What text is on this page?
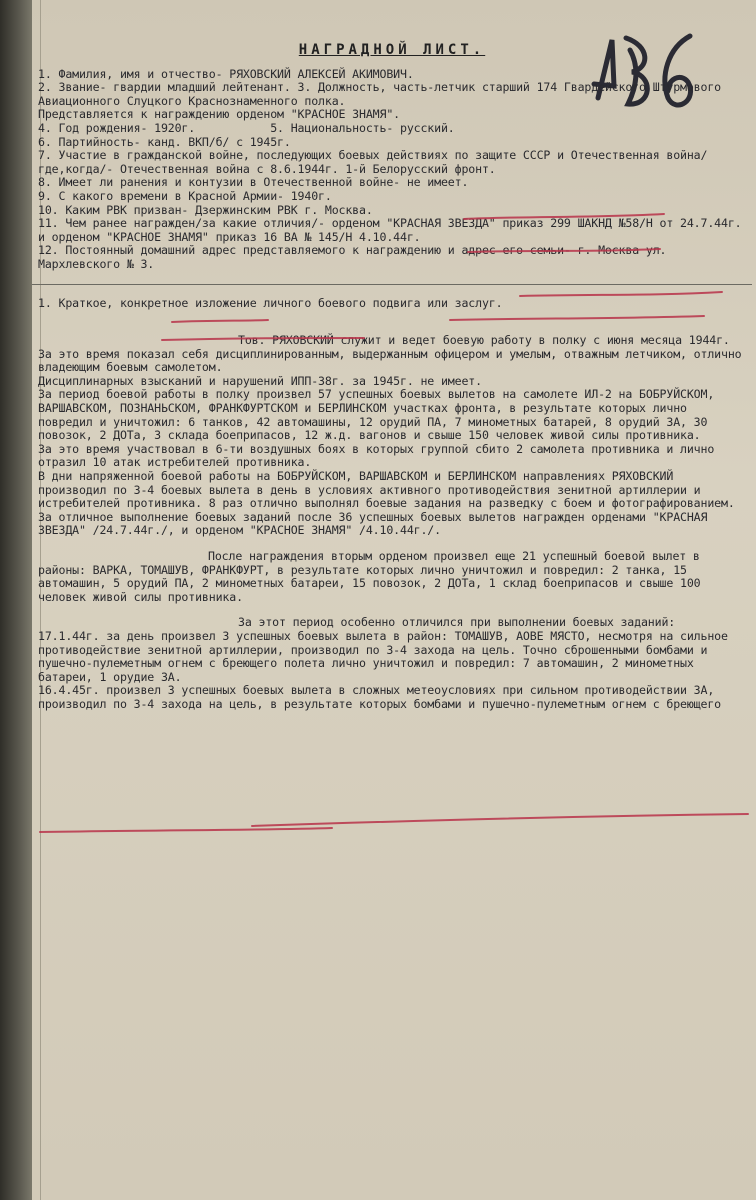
НАГРАДНОЙ ЛИСТ.

1. Фамилия, имя и отчество- РЯХОВСКИЙ АЛЕКСЕЙ АКИМОВИЧ.

2. Звание- гвардии младший лейтенант. 3. Должность, часть-летчик старший 174 Гвардейского Штурмового Авиационного Слуцкого Краснознаменного полка.

Представляется к награждению орденом "КРАСНОЕ ЗНАМЯ".

4. Год рождения- 1920г.           5. Национальность- русский.

6. Партийность- канд. ВКП/б/ с 1945г.

7. Участие в гражданской войне, последующих боевых действиях по защите СССР и Отечественная война/где,когда/- Отечественная война с 8.6.1944г. 1-й Белорусский фронт.

8. Имеет ли ранения и контузии в Отечественной войне- не имеет.

9. С какого времени в Красной Армии- 1940г.

10. Каким РВК призван- Дзержинским РВК г. Москва.

11. Чем ранее награжден/за какие отличия/- орденом "КРАСНАЯ ЗВЕЗДА" приказ 299 ШАКНД №58/Н от 24.7.44г. и орденом "КРАСНОЕ ЗНАМЯ" приказ 16 ВА № 145/Н 4.10.44г.

12. Постоянный домашний адрес представляемого к награждению и адрес его семьи- г. Москва ул. Мархлевского № 3.

1. Краткое, конкретное изложение личного боевого подвига или заслуг.

Тов. РЯХОВСКИЙ служит и ведет боевую работу в полку с июня месяца 1944г. За это время показал себя дисциплинированным, выдержанным офицером и умелым, отважным летчиком, отлично владеющим боевым самолетом.

Дисциплинарных взысканий и нарушений ИПП-38г. за 1945г. не имеет.

За период боевой работы в полку произвел 57 успешных боевых вылетов на самолете ИЛ-2 на БОБРУЙСКОМ, ВАРШАВСКОМ, ПОЗНАНЬСКОМ, ФРАНКФУРТСКОМ и БЕРЛИНСКОМ участках фронта, в результате которых лично повредил и уничтожил: 6 танков, 42 автомашины, 12 орудий ПА, 7 минометных батарей, 8 орудий ЗА, 30 повозок, 2 ДОТа, 3 склада боеприпасов, 12 ж.д. вагонов и свыше 150 человек живой силы противника.

За это время участвовал в 6-ти воздушных боях в которых группой сбито 2 самолета противника и лично отразил 10 атак истребителей противника.

В дни напряженной боевой работы на БОБРУЙСКОМ, ВАРШАВСКОМ и БЕРЛИНСКОМ направлениях РЯХОВСКИЙ производил по 3-4 боевых вылета в день в условиях активного противодействия зенитной артиллерии и истребителей противника. 8 раз отлично выполнял боевые задания на разведку с боем и фотографированием.

За отличное выполнение боевых заданий после 36 успешных боевых вылетов награжден орденами "КРАСНАЯ ЗВЕЗДА" /24.7.44г./, и орденом "КРАСНОЕ ЗНАМЯ" /4.10.44г./.

После награждения вторым орденом произвел еще 21 успешный боевой вылет в районы: ВАРКА, ТОМАШУВ, ФРАНКФУРТ, в результате которых лично уничтожил и повредил: 2 танка, 15 автомашин, 5 орудий ПА, 2 минометных батареи, 15 повозок, 2 ДОТа, 1 склад боеприпасов и свыше 100 человек живой силы противника.

За этот период особенно отличился при выполнении боевых заданий:

17.1.44г. за день произвел 3 успешных боевых вылета в район: ТОМАШУВ, АОВЕ МЯСТО, несмотря на сильное противодействие зенитной артиллерии, производил по 3-4 захода на цель. Точно сброшенными бомбами и пушечно-пулеметным огнем с бреющего полета лично уничтожил и повредил: 7 автомашин, 2 минометных батареи, 1 орудие ЗА.

16.4.45г. произвел 3 успешных боевых вылета в сложных метеоусловиях при сильном противодействии ЗА, производил по 3-4 захода на цель, в результате которых бомбами и пушечно-пулеметным огнем с бреющего
